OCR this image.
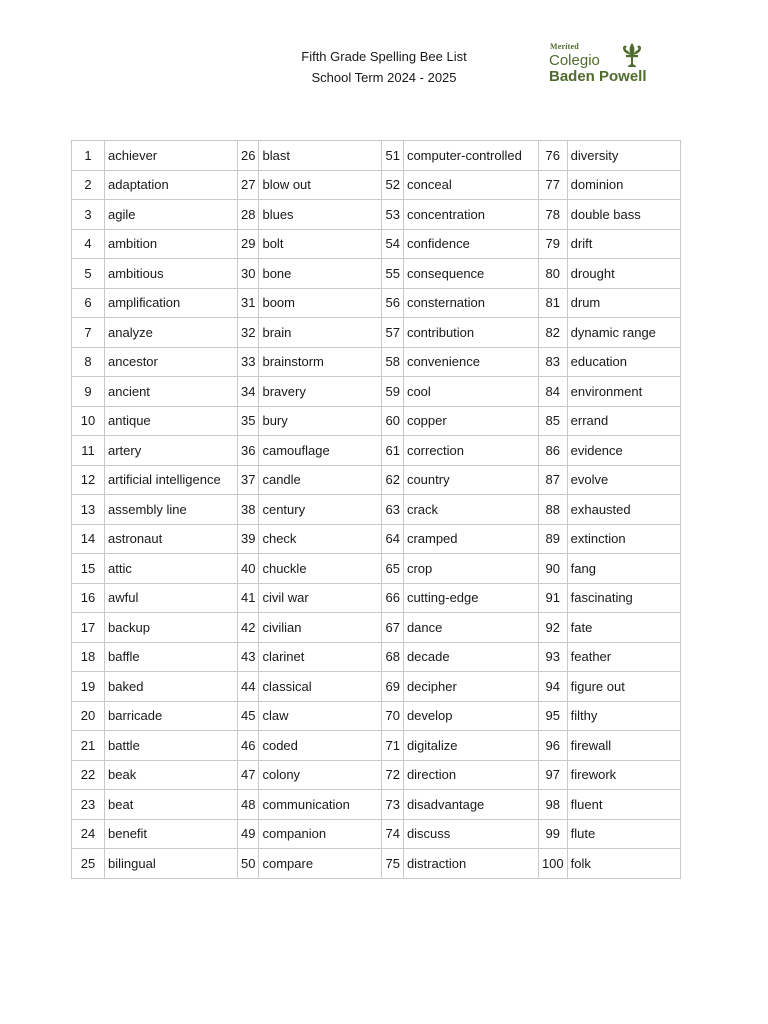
Fifth Grade Spelling Bee List
School Term 2024 - 2025
Merited
Colegio
Baden Powell
1	achiever	26	blast	51	computer-controlled	76	diversity
2	adaptation	27	blow out	52	conceal	77	dominion
3	agile	28	blues	53	concentration	78	double bass
4	ambition	29	bolt	54	confidence	79	drift
5	ambitious	30	bone	55	consequence	80	drought
6	amplification	31	boom	56	consternation	81	drum
7	analyze	32	brain	57	contribution	82	dynamic range
8	ancestor	33	brainstorm	58	convenience	83	education
9	ancient	34	bravery	59	cool	84	environment
10	antique	35	bury	60	copper	85	errand
11	artery	36	camouflage	61	correction	86	evidence
12	artificial intelligence	37	candle	62	country	87	evolve
13	assembly line	38	century	63	crack	88	exhausted
14	astronaut	39	check	64	cramped	89	extinction
15	attic	40	chuckle	65	crop	90	fang
16	awful	41	civil war	66	cutting-edge	91	fascinating
17	backup	42	civilian	67	dance	92	fate
18	baffle	43	clarinet	68	decade	93	feather
19	baked	44	classical	69	decipher	94	figure out
20	barricade	45	claw	70	develop	95	filthy
21	battle	46	coded	71	digitalize	96	firewall
22	beak	47	colony	72	direction	97	firework
23	beat	48	communication	73	disadvantage	98	fluent
24	benefit	49	companion	74	discuss	99	flute
25	bilingual	50	compare	75	distraction	100	folk
